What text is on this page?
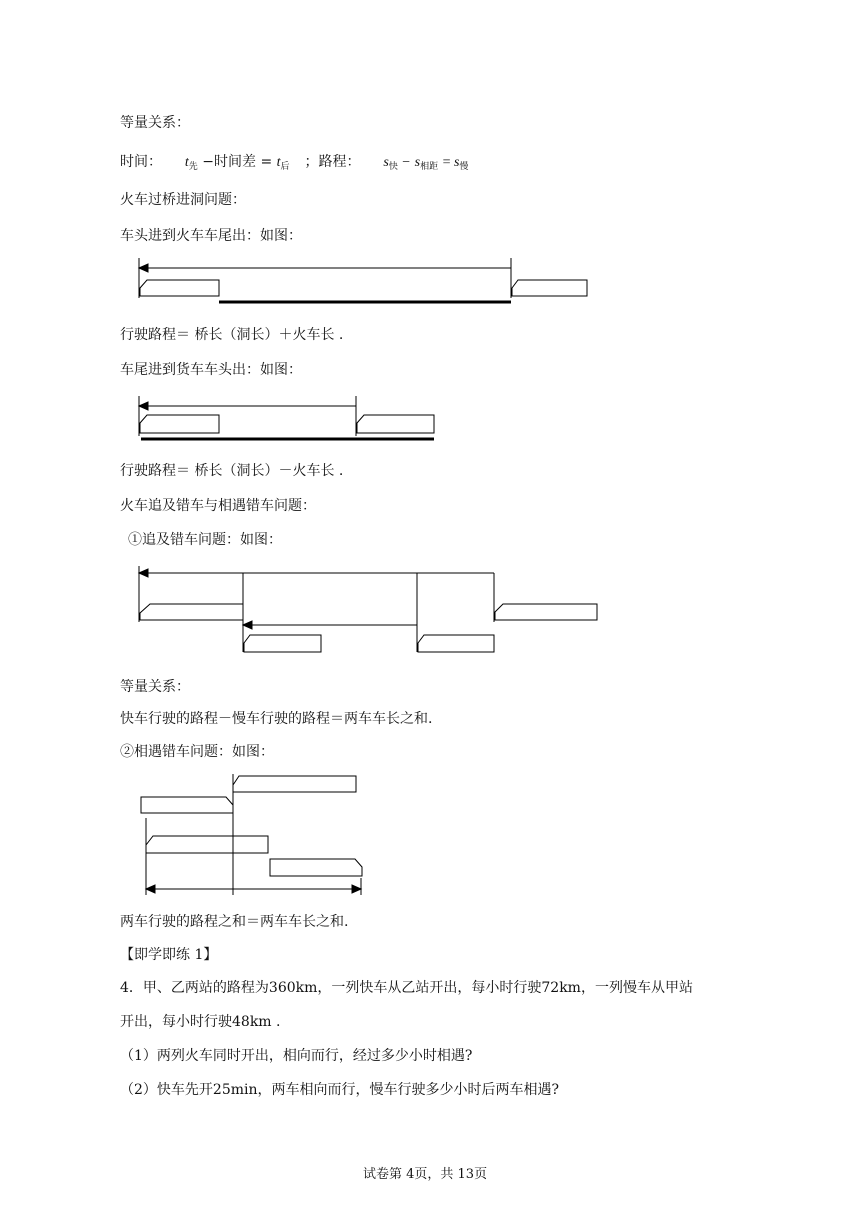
等量关系：
时间： $t_先$ −时间差 = $t_后$ ；路程： $s_快 - s_{相距} = s_慢$
火车过桥进洞问题：
车头进到火车车尾出：如图：
行驶路程＝ 桥长（洞长）＋火车长 .
车尾进到货车车头出：如图：
行驶路程＝ 桥长（洞长）－火车长 .
火车追及错车与相遇错车问题：
①追及错车问题：如图：
等量关系：
快车行驶的路程－慢车行驶的路程＝两车车长之和.
②相遇错车问题：如图：
两车行驶的路程之和＝两车车长之和.
【即学即练 1】
4．甲、乙两站的路程为360km，一列快车从乙站开出，每小时行驶72km，一列慢车从甲站
开出，每小时行驶48km .
（1）两列火车同时开出，相向而行，经过多少小时相遇?
（2）快车先开25min，两车相向而行，慢车行驶多少小时后两车相遇?
试卷第 4页，共 13页
